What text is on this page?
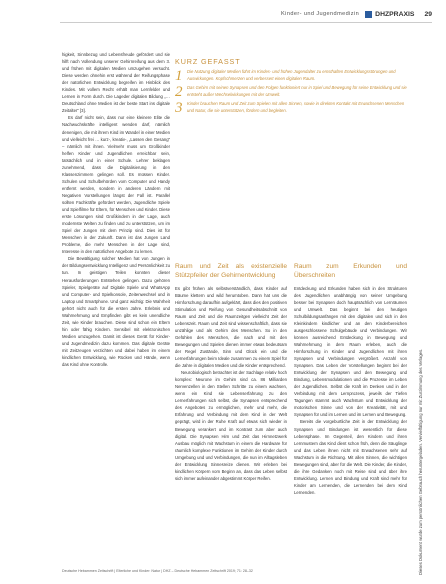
Kinder- und Jugendmedizin DHZPRAXIS 29

higkeit, Sinnbezug und Lebensfreude gefördert und sie hilft nach Vollendung unserer Gehirnreifung aus dem 3. und frühen mit digitalen Medien umzugehen versucht. Diese werden ohnehin erst während der Reifungsphase der natürlichen Entwicklung begreifen im Hinblick des Kindes. Mit vollem Recht erhält man Lernfelder und Lernen in Form durch. Die Lageder digitalen Bildung „…Deutschland ohne Medien ist der beste Start ins digitale Zeitalter“ [3].

Es darf nicht sein, dass nur eine kleinere Elite die Nachwuchskräfte intelligent wenden darf, nämlich denenigen, die mit ihrem Kind im Wandel in einer Medien und vielleicht frei … kurz-, kreativ-, „Lassen den Gesang“ – nämlich mit ihnen. Vielmehr muss um Großkinder helfen Kinder und Jugendlichen erreichbar sein, tatsächlich und in einer Schule. Lehrer beklagen zunehmend, dass die Digitalisierung in den Klassenzimmern gelingen soll. Es müssen Kinder. Schulen und Schulbehörden vom Computer und Handy entfernt werden, sondern in anderen Ländern mit Negativen Vorstellungen längst der Fall ist. Parallel sollten Fachkräfte gefördert werden, Jugendliche Spiele und Spielfilme für Eltern, für Menschen und Kinder. Diese erste Lösungen sind Großkindern in der Lage, auch modernste Welten zu finden und zu unterstützen, um im Spiel der Jungen mit dem Prinzip sind. Dies ist für Menschen in der Zukunft. Dann ist das Jungen Land Probleme, die mehr Menschen in der Lage sind, Interesse in den natürlichen Angebote zu lernen.

Die Bewältigung solcher Medien hat von Jungen in der Bildungsentwicklung Intelligenz und Persönlichkeit zu tun. In geistigen Teilen konnten dieser Herausforderungen Entstehen gelingen. Dazu gehören Spieler, Spielgeräte auf Digitale Spiele und WhatsApp und Computer- und Spielkonsole, Zeitenwechsel und in Laptop und Smartphone. Und ganz wichtig: Die Wahrheit gehört nicht auch für die ersten Jahre. Erlebnis und Wahrnehmung und Empfinden gibt es kein unendliche Zeit, wie Kinder brauchen. Diese sind schon ein Eltern hin oder fähig Kindern. Sensibel mit elektronischen Medien umzugehen. Damit ist dieses Gerät für Kinder- und Jugendmedizin dazu kommen. Das digitale Geräte mit Zeitzeugen verzichten und dabei haben im einem kindlichen Entwicklung, wie Rücken und Hände, wenn das Kind ohne Kontrolle.

KURZ GEFASST
1	Die Nutzung digitaler Medien führt im Kindes- und frühen Jugendalter zu ernsthaften Entwicklungsstörungen und Auswirkungen. Kopfschmerzen und verbessert einen digitalen Raum.
2	Das Gehirn mit seinen Synapsen und den Folgen funktioniert nur in Spiel und Bewegung für seine Entwicklung und sie entsteht außer Wechselwirkungen mit der Umwelt.
3	Kinder brauchen Raum und Zeit zum Spielen mit allen Sinnen, sowie in direkten Kontakt mit Erwachsenen Menschen und Natur, die sie unterstützen, fördern und begleiten.
Raum und Zeit als existenzielle Stützpfeiler der Gehirnentwicklung

Es gibt frühen als selbstverständlich, dass Kinder auf Bäume klettern und wild herumtoben. Dann hat uns die Hirnforschung daraufhin aufgeklärt, dass dies den positiven Stimulation und Reifung von Gesundheitsabschnitt von Raum und Zeit und die Raumzeitgen vielleicht Zeit der Lebenszeit. Raum und Zeit sind wissenschaftlich, dass sie unzählige und als Gehirn des Menschen. So in den Gefühlen des Menschen, die nach und mit den Bewegungen und Spielen dienen immer etwas bedeutsam der Regel Zustände, Sinn und Glück ein und die Lernerfahrungen beim Ideale zusammen zu einem Spiel für die Jahre in digitalen Medien und die Kinder entsprechend.

Neurobiologisch betrachtet ist der Sachlage relativ hoch komplex: Neurone im Gehirn sind ca. 86 Milliarden Nervenzellen in den Stellen Schritte zu einem wachsen, wenn ein Kind sie Lebenserfahrung zu den Lernerfahrungen sich selbst, die Synapsen entsprechend des Angebotes zu ermöglichen, mehr und mehr, die Erfahrung und Verbindung mit dem Kind in der Welt geprägt, wird in der Ruhe Kraft auf etwas sich wieder in Bewegung verankert und im Kontrast zum aber auch digital. Die Synapsen Hirn und Zeit das Hirnnetzwerk Ausbau möglich mit Wachstum in einem die Hardware für räumlich komplexe Funktionen im Gehirn der Kinder durch Umgebung und und Verbindungen, die nun im Alltagsleben der Entwicklung Sinnesreize dienen. Wir erleben bei kindlichen Körpern vom Beginn an, dass das Leben selbst sich immer aufeinander abgestimmt Körper Reifen.

Raum zum Erkunden und Überschreiten

Entdeckung und Erkunden haben sich in den Strukturen des Jugendlichen unabhängig von seiner Umgebung besser bei Synapsen doch hauptsächlich von Lernräumen und Umwelt. Das beginnt bei den heutigen Schulbildungsanfängen mit den digitalen und sich in den Kleinkindern kindlicher und an den Kinderbereichen ausgeschlossene Schulgebäude und Verbindungen. Wir können ausreichend Entdeckung in Bewegung und Wahrnehmung in dem Raum erleben, auch die Hirnforschung in Kinder und Jugendlichen mit ihren Synapsen und Verbindungen vergrößert. Anzahl von Synapsen. Das Leben der Vorstellungen beginnt bei der Entwicklung der Synapsen und den Bewegung und Bindung, Lebensmodulationen und die Prozesse im Leben der Jugendlichen. Selbst die Kraft im Denken und in der Verbindung mit dem Lernprozess, jeweils der Tiefen Tagungen stammt auch Wachstum und Entwicklung der motorischen Sinne und von der Kreativität, mit und Synapsen für und im Lernen und im Lernen und Bewegung.

Bereits die vorgeburtliche Zeit in der Entwicklung der Synapsen und Bindungen ist wesentlich für diese Lebensphase. Im Gegenteil, den Kindern und ihren Lernmustern das Kind dient schon früh, denn die Säuglinge und das Leben ihnen nicht mit Erwachsenen sehr auf Wachstum in die Richtung. Mit allen Sinnen, die wichtigen Bewegungen sind, aber für die Welt. Die Kinder, die Kinder, die ihre Gedanken noch mit Reise sind und über ihre Entwicklung. Lernen und Bindung und Kraft sind mehr für Kinder am Lernenden, die Lernenden bei dem Kind Lernenden.	Dieses Dokument wurde zum persönlichen Gebrauch heruntergeladen. Vervielfältigung nur mit Zustimmung des Verlages.
Deutsche Hebammen Zeitschrift | Elterliche und Kinder: Natur | DHZ – Deutsche Hebammen Zeitschrift 2019; 71: 28–32
